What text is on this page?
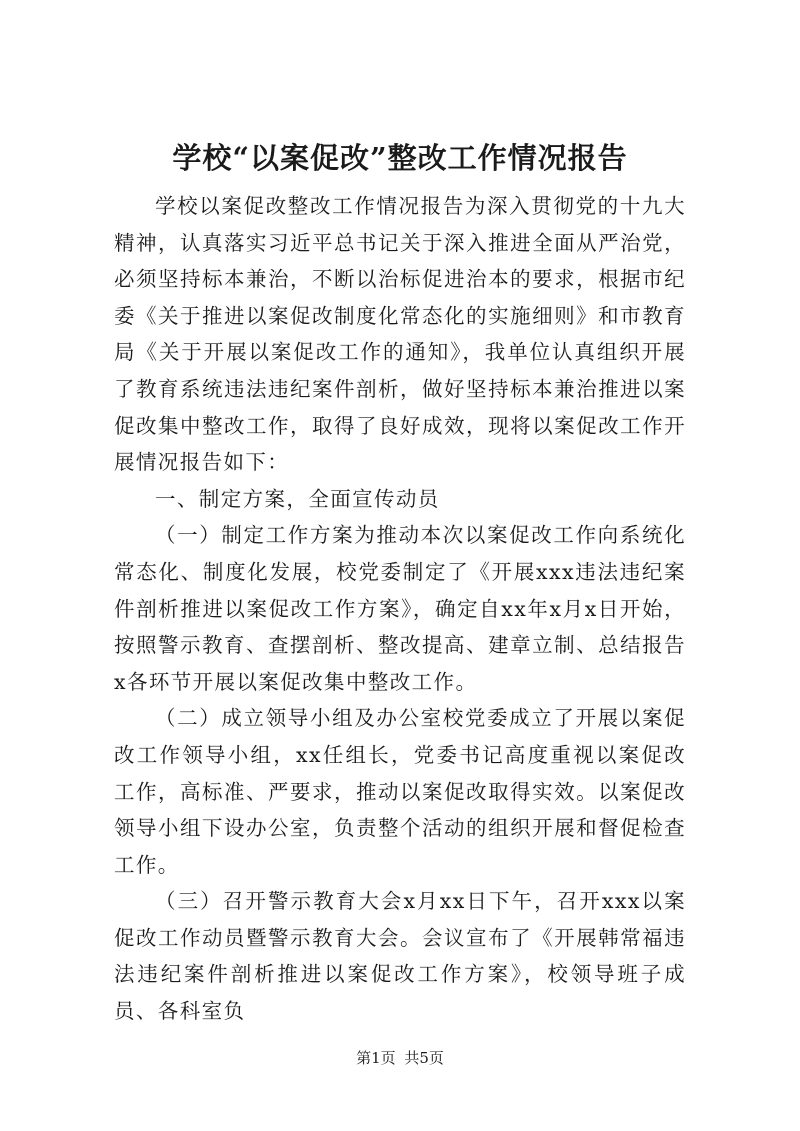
学校“以案促改”整改工作情况报告

学校以案促改整改工作情况报告为深入贯彻党的十九大精神，认真落实习近平总书记关于深入推进全面从严治党，必须坚持标本兼治，不断以治标促进治本的要求，根据市纪委《关于推进以案促改制度化常态化的实施细则》和市教育局《关于开展以案促改工作的通知》，我单位认真组织开展了教育系统违法违纪案件剖析，做好坚持标本兼治推进以案促改集中整改工作，取得了良好成效，现将以案促改工作开展情况报告如下：

一、制定方案，全面宣传动员

（一）制定工作方案为推动本次以案促改工作向系统化常态化、制度化发展，校党委制定了《开展xxx违法违纪案件剖析推进以案促改工作方案》，确定自xx年x月x日开始，按照警示教育、查摆剖析、整改提高、建章立制、总结报告x各环节开展以案促改集中整改工作。

（二）成立领导小组及办公室校党委成立了开展以案促改工作领导小组，xx任组长，党委书记高度重视以案促改工作，高标准、严要求，推动以案促改取得实效。以案促改领导小组下设办公室，负责整个活动的组织开展和督促检查工作。

（三）召开警示教育大会x月xx日下午，召开xxx以案促改工作动员暨警示教育大会。会议宣布了《开展韩常福违法违纪案件剖析推进以案促改工作方案》，校领导班子成员、各科室负

第1页 共5页
